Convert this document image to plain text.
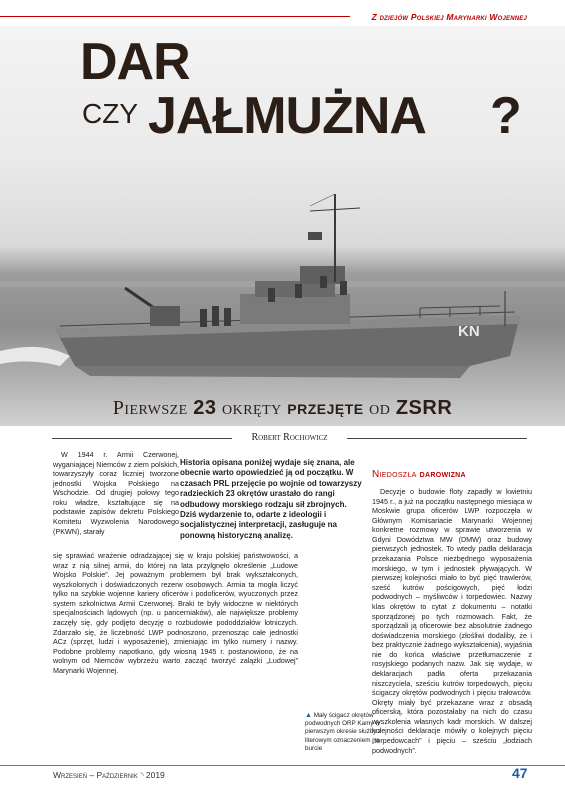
Z dziejów Polskiej Marynarki Wojennej
KN
DAR
CZY JAŁMUŻNA ?
Pierwsze 23 okręty przejęte od ZSRR
Robert Rochowicz

W 1944 r. Armii Czerwonej, wyganiającej Niemców z ziem polskich, towarzyszyły coraz liczniej tworzone jednostki Wojska Polskiego na Wschodzie. Od drugiej połowy tego roku władze, kształtujące się na podstawie zapisów dekretu Polskiego Komitetu Wyzwolenia Narodowego (PKWN), starały

Historia opisana poniżej wydaje się znana, ale obecnie warto opowiedzieć ją od początku. W czasach PRL przejęcie po wojnie od towarzyszy radzieckich 23 okrętów urastało do rangi odbudowy morskiego rodzaju sił zbrojnych. Dziś wydarzenie to, odarte z ideologii i socjalistycznej interpretacji, zasługuje na ponowną historyczną analizę.

się sprawiać wrażenie odradzającej się w kraju polskiej państwowości, a wraz z nią silnej armii, do której na lata przylgnęło określenie „Ludowe Wojsko Polskie”. Jej poważnym problemem był brak wykształconych, wyszkolonych i doświadczonych rezerw osobowych. Armia ta mogła liczyć tylko na szybkie wojenne kariery oficerów i podoficerów, wyuczonych przez system szkolnictwa Armii Czerwonej. Braki te były widoczne w niektórych specjalnościach lądowych (np. u pancerniaków), ale największe problemy zaczęły się, gdy podjęto decyzję o rozbudowie pododdziałów lotniczych. Zdarzało się, że liczebność LWP podnoszono, przenosząc całe jednostki ACz (sprzęt, ludzi i wyposażenie), zmieniając im tylko numery i nazwy. Podobne problemy napotkano, gdy wiosną 1945 r. postanowiono, że na wolnym od Niemców wybrzeżu warto zacząć tworzyć zalążki „Ludowej” Marynarki Wojennej.

▲ Mały ścigacz okrętów podwodnych ORP Kamy w pierwszym okresie służby z literowym oznaczeniem na burcie
Niedoszła darowizna

Decyzje o budowie floty zapadły w kwietniu 1945 r., a już na początku następnego miesiąca w Moskwie grupa oficerów LWP rozpoczęła w Głównym Komisariacie Marynarki Wojennej konkretne rozmowy w sprawie utworzenia w Gdyni Dowództwa MW (DMW) oraz budowy pierwszych jednostek. To wtedy padła deklaracja przekazania Polsce niezbędnego wyposażenia morskiego, w tym i jednostek pływających. W pierwszej kolejności miało to być pięć trawlerów, sześć kutrów pościgowych, pięć łodzi podwodnych – myśliwców i torpedowiec. Nazwy klas okrętów to cytat z dokumentu – notatki sporządzonej po tych rozmowach. Fakt, że sporządzali ją oficerowie bez absolutnie żadnego doświadczenia morskiego (złośliwi dodaliby, że i bez praktycznie żadnego wykształcenia), wyjaśnia nie do końca właściwe przetłumaczenie z rosyjskiego podanych nazw. Jak się wydaje, w deklaracjach padła oferta przekazania niszczyciela, sześciu kutrów torpedowych, pięciu ścigaczy okrętów podwodnych i pięciu trałowców. Okręty miały być przekazane wraz z obsadą oficerską, która pozostałaby na nich do czasu wyszkolenia własnych kadr morskich. W dalszej kolejności deklaracje mówiły o kolejnych pięciu „torpedowcach” i pięciu – sześciu „łodziach podwodnych”.

Wrzesień – Październik ◝ 2019	47
